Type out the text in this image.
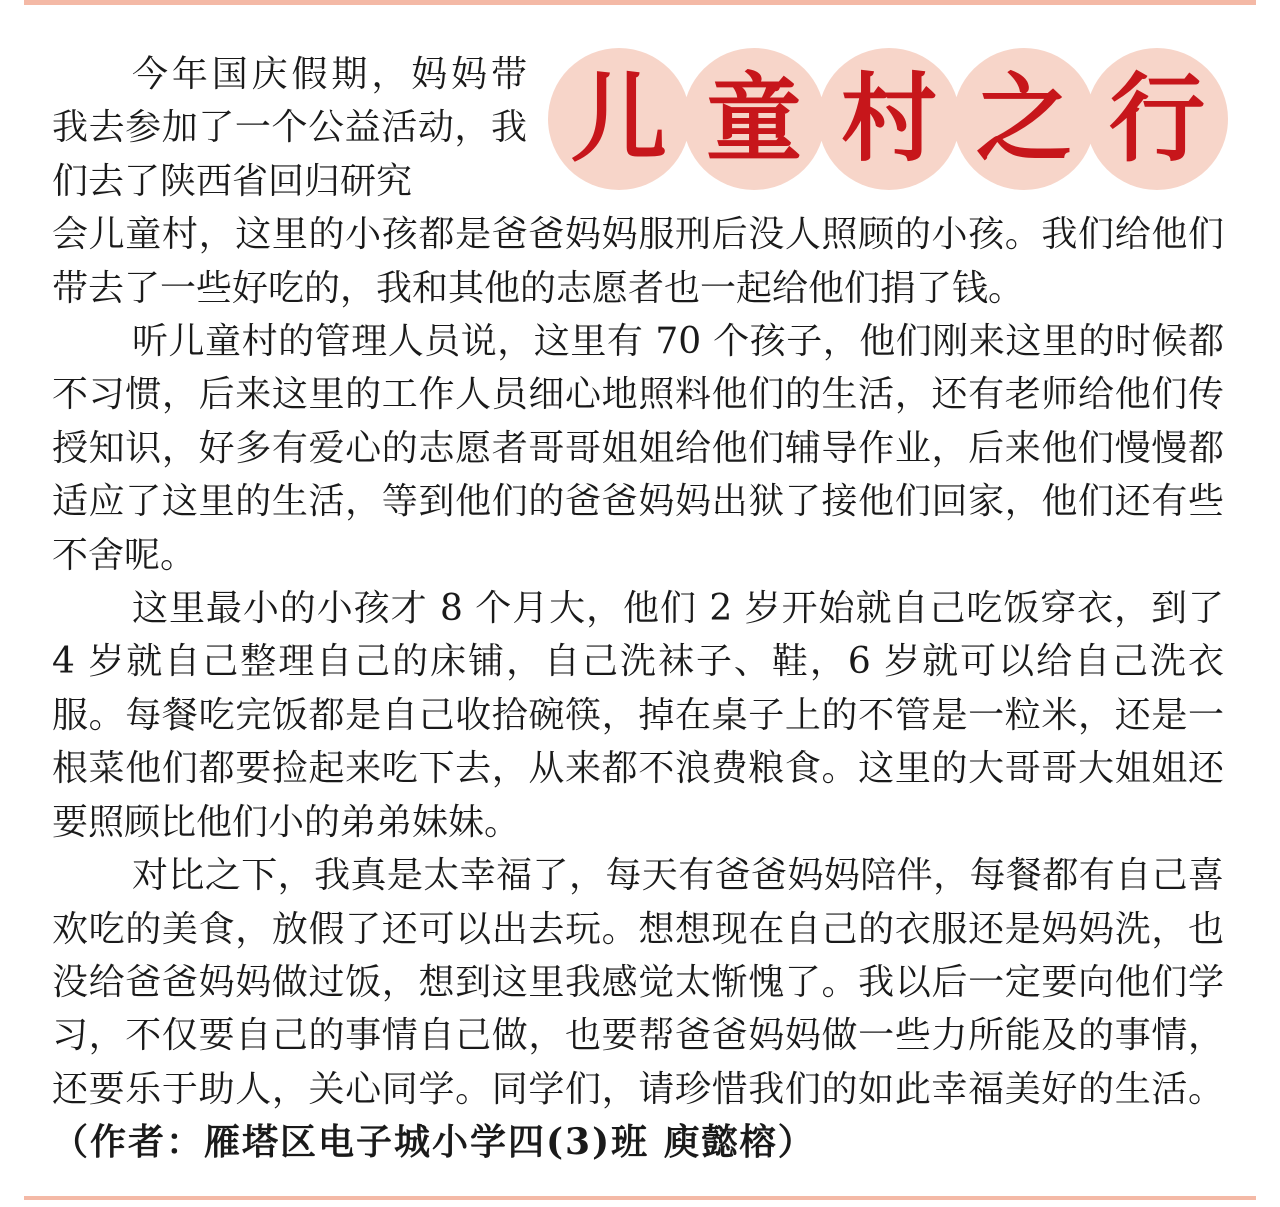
儿 童 村 之 行

今年国庆假期，妈妈带我去参加了一个公益活动，我们去了陕西省回归研究

会儿童村，这里的小孩都是爸爸妈妈服刑后没人照顾的小孩。我们给他们带去了一些好吃的，我和其他的志愿者也一起给他们捐了钱。

听儿童村的管理人员说，这里有 70 个孩子，他们刚来这里的时候都不习惯，后来这里的工作人员细心地照料他们的生活，还有老师给他们传授知识，好多有爱心的志愿者哥哥姐姐给他们辅导作业，后来他们慢慢都适应了这里的生活，等到他们的爸爸妈妈出狱了接他们回家，他们还有些不舍呢。

这里最小的小孩才 8 个月大，他们 2 岁开始就自己吃饭穿衣，到了 4 岁就自己整理自己的床铺，自己洗袜子、鞋，6 岁就可以给自己洗衣服。每餐吃完饭都是自己收拾碗筷，掉在桌子上的不管是一粒米，还是一根菜他们都要捡起来吃下去，从来都不浪费粮食。这里的大哥哥大姐姐还要照顾比他们小的弟弟妹妹。

对比之下，我真是太幸福了，每天有爸爸妈妈陪伴，每餐都有自己喜欢吃的美食，放假了还可以出去玩。想想现在自己的衣服还是妈妈洗，也没给爸爸妈妈做过饭，想到这里我感觉太惭愧了。我以后一定要向他们学习，不仅要自己的事情自己做，也要帮爸爸妈妈做一些力所能及的事情，还要乐于助人，关心同学。同学们，请珍惜我们的如此幸福美好的生活。（作者：雁塔区电子城小学四(3)班 庾懿榕）
